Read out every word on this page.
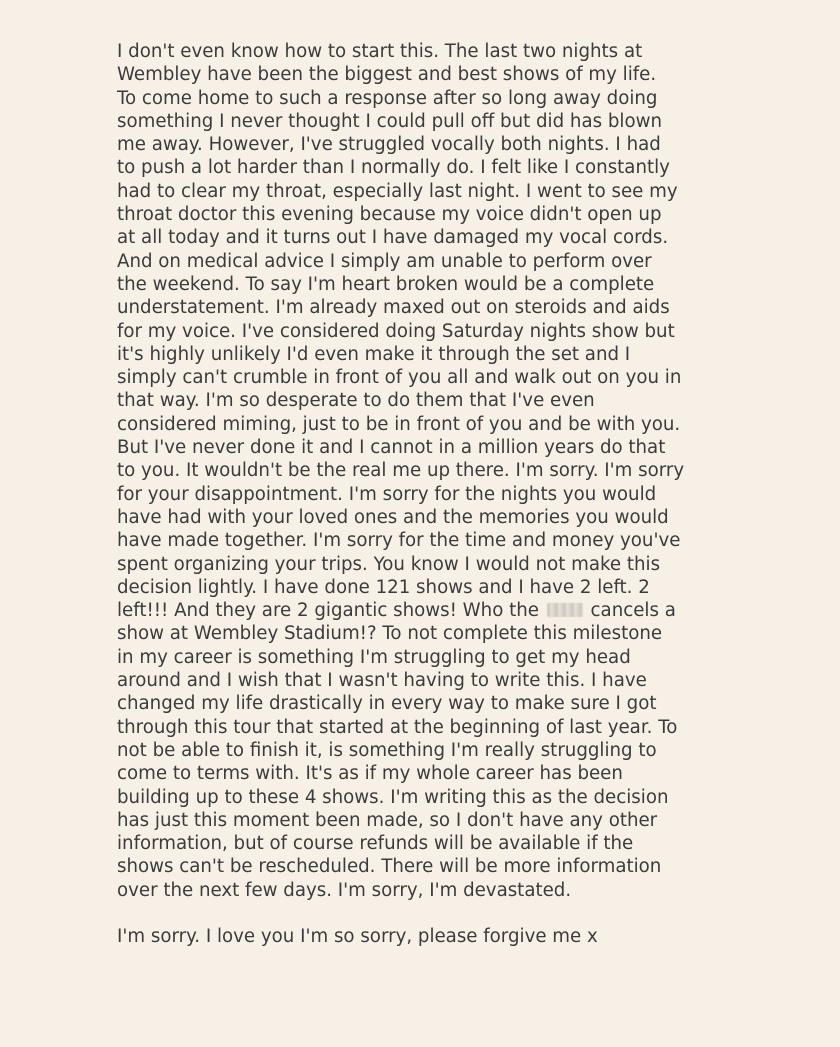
I don't even know how to start this. The last two nights at
Wembley have been the biggest and best shows of my life.
To come home to such a response after so long away doing
something I never thought I could pull off but did has blown
me away. However, I've struggled vocally both nights. I had
to push a lot harder than I normally do. I felt like I constantly
had to clear my throat, especially last night. I went to see my
throat doctor this evening because my voice didn't open up
at all today and it turns out I have damaged my vocal cords.
And on medical advice I simply am unable to perform over
the weekend. To say I'm heart broken would be a complete
understatement. I'm already maxed out on steroids and aids
for my voice. I've considered doing Saturday nights show but
it's highly unlikely I'd even make it through the set and I
simply can't crumble in front of you all and walk out on you in
that way. I'm so desperate to do them that I've even
considered miming, just to be in front of you and be with you.
But I've never done it and I cannot in a million years do that
to you. It wouldn't be the real me up there. I'm sorry. I'm sorry
for your disappointment. I'm sorry for the nights you would
have had with your loved ones and the memories you would
have made together. I'm sorry for the time and money you've
spent organizing your trips. You know I would not make this
decision lightly. I have done 121 shows and I have 2 left. 2
left!!! And they are 2 gigantic shows! Who the	cancels a
show at Wembley Stadium!? To not complete this milestone
in my career is something I'm struggling to get my head
around and I wish that I wasn't having to write this. I have
changed my life drastically in every way to make sure I got
through this tour that started at the beginning of last year. To
not be able to finish it, is something I'm really struggling to
come to terms with. It's as if my whole career has been
building up to these 4 shows. I'm writing this as the decision
has just this moment been made, so I don't have any other
information, but of course refunds will be available if the
shows can't be rescheduled. There will be more information
over the next few days. I'm sorry, I'm devastated.
I'm sorry. I love you I'm so sorry, please forgive me x
